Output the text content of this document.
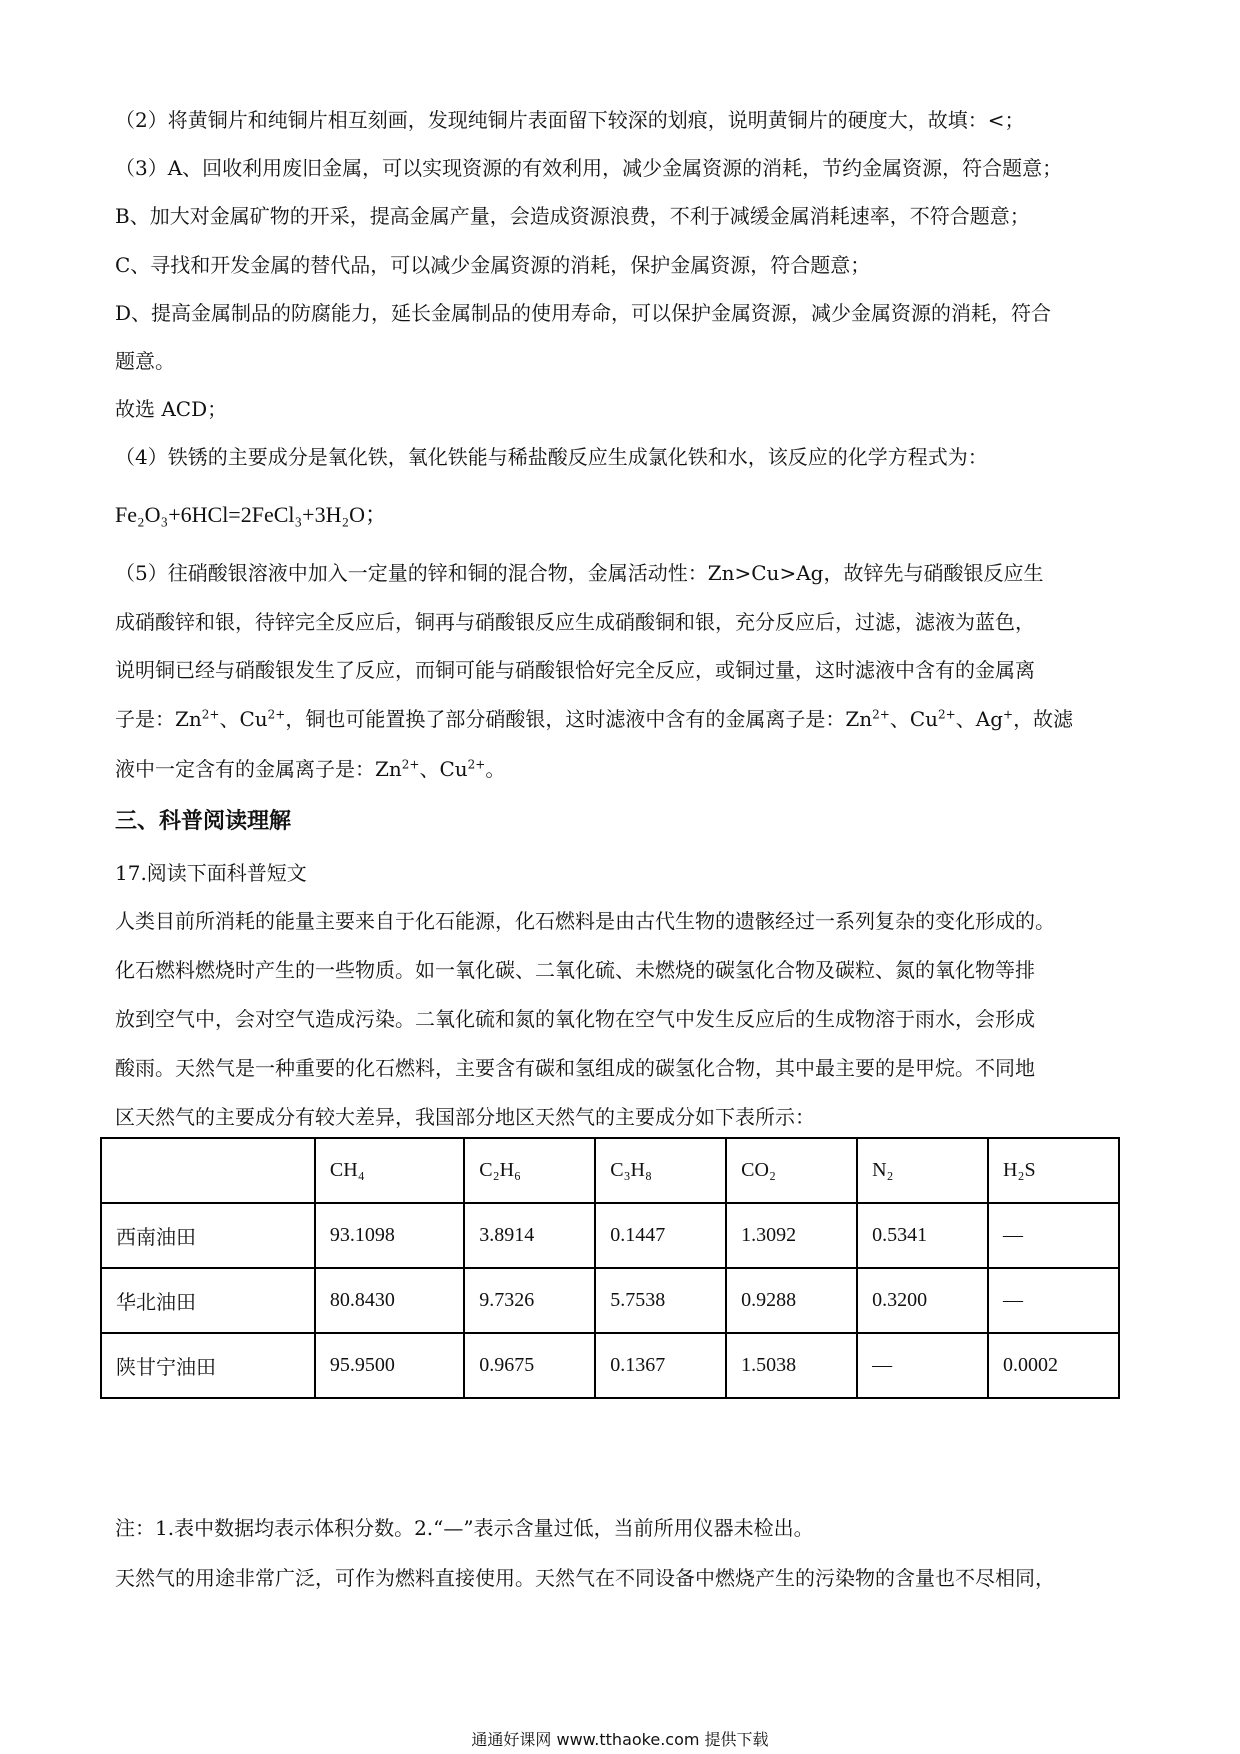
（2）将黄铜片和纯铜片相互刻画，发现纯铜片表面留下较深的划痕，说明黄铜片的硬度大，故填：<；
（3）A、回收利用废旧金属，可以实现资源的有效利用，减少金属资源的消耗，节约金属资源，符合题意；
B、加大对金属矿物的开采，提高金属产量，会造成资源浪费，不利于减缓金属消耗速率，不符合题意；
C、寻找和开发金属的替代品，可以减少金属资源的消耗，保护金属资源，符合题意；
D、提高金属制品的防腐能力，延长金属制品的使用寿命，可以保护金属资源，减少金属资源的消耗，符合
题意。
故选 ACD；
（4）铁锈的主要成分是氧化铁，氧化铁能与稀盐酸反应生成氯化铁和水，该反应的化学方程式为：
Fe₂O₃+6HCl=2FeCl₃+3H₂O；
（5）往硝酸银溶液中加入一定量的锌和铜的混合物，金属活动性：Zn>Cu>Ag，故锌先与硝酸银反应生
成硝酸锌和银，待锌完全反应后，铜再与硝酸银反应生成硝酸铜和银，充分反应后，过滤，滤液为蓝色，
说明铜已经与硝酸银发生了反应，而铜可能与硝酸银恰好完全反应，或铜过量，这时滤液中含有的金属离
子是：$Zn^{2+}$、$Cu^{2+}$，铜也可能置换了部分硝酸银，这时滤液中含有的金属离子是：$Zn^{2+}$、$Cu^{2+}$、Ag+，故滤
液中一定含有的金属离子是：$Zn^{2+}$、$Cu^{2+}$。
三、科普阅读理解
17.阅读下面科普短文
人类目前所消耗的能量主要来自于化石能源，化石燃料是由古代生物的遗骸经过一系列复杂的变化形成的。
化石燃料燃烧时产生的一些物质。如一氧化碳、二氧化硫、未燃烧的碳氢化合物及碳粒、氮的氧化物等排
放到空气中，会对空气造成污染。二氧化硫和氮的氧化物在空气中发生反应后的生成物溶于雨水，会形成
酸雨。天然气是一种重要的化石燃料，主要含有碳和氢组成的碳氢化合物，其中最主要的是甲烷。不同地
区天然气的主要成分有较大差异，我国部分地区天然气的主要成分如下表所示：
注：1.表中数据均表示体积分数。2.“—”表示含量过低，当前所用仪器未检出。
天然气的用途非常广泛，可作为燃料直接使用。天然气在不同设备中燃烧产生的污染物的含量也不尽相同，
	CH₄	C₂H₆	C₃H₈	CO₂	N₂	H₂S
西南油田	93.1098	3.8914	0.1447	1.3092	0.5341	—
华北油田	80.8430	9.7326	5.7538	0.9288	0.3200	—
陕甘宁油田	95.9500	0.9675	0.1367	1.5038	—	0.0002
通通好课网 www.tthaoke.com 提供下载
